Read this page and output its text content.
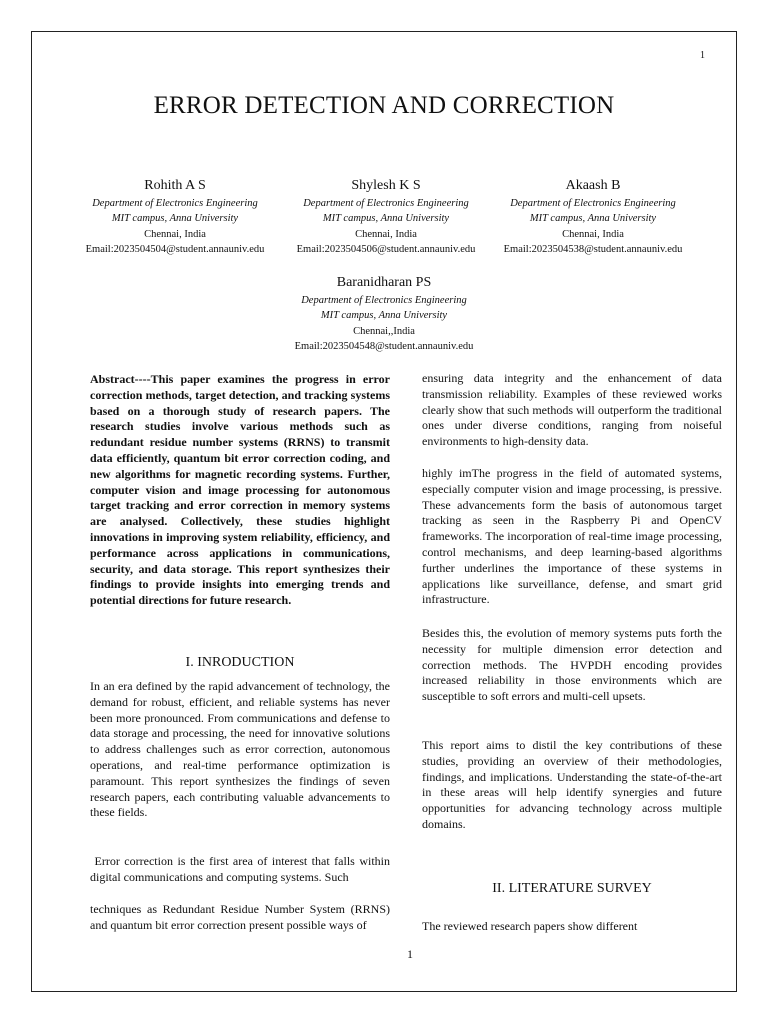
1
ERROR DETECTION AND CORRECTION
Rohith A S
Department of Electronics Engineering
MIT campus, Anna University
Chennai, India
Email:2023504504@student.annauniv.edu
Shylesh K S
Department of Electronics Engineering
MIT campus, Anna University
Chennai, India
Email:2023504506@student.annauniv.edu
Akaash B
Department of Electronics Engineering
MIT campus, Anna University
Chennai, India
Email:2023504538@student.annauniv.edu
Baranidharan PS
Department of Electronics Engineering
MIT campus, Anna University
Chennai,,India
Email:2023504548@student.annauniv.edu

Abstract----This paper examines the progress in error correction methods, target detection, and tracking systems based on a thorough study of research papers. The research studies involve various methods such as redundant residue number systems (RRNS) to transmit data efficiently, quantum bit error correction coding, and new algorithms for magnetic recording systems. Further, computer vision and image processing for autonomous target tracking and error correction in memory systems are analysed. Collectively, these studies highlight innovations in improving system reliability, efficiency, and performance across applications in communications, security, and data storage. This report synthesizes their findings to provide insights into emerging trends and potential directions for future research.

I. INRODUCTION

In an era defined by the rapid advancement of technology, the demand for robust, efficient, and reliable systems has never been more pronounced. From communications and defense to data storage and processing, the need for innovative solutions to address challenges such as error correction, autonomous operations, and real-time performance optimization is paramount. This report synthesizes the findings of seven research papers, each contributing valuable advancements to these fields.

Error correction is the first area of interest that falls within digital communications and computing systems. Such

techniques as Redundant Residue Number System (RRNS) and quantum bit error correction present possible ways of

ensuring data integrity and the enhancement of data transmission reliability. Examples of these reviewed works clearly show that such methods will outperform the traditional ones under diverse conditions, ranging from noiseful environments to high-density data.

highly imThe progress in the field of automated systems, especially computer vision and image processing, is pressive. These advancements form the basis of autonomous target tracking as seen in the Raspberry Pi and OpenCV frameworks. The incorporation of real-time image processing, control mechanisms, and deep learning-based algorithms further underlines the importance of these systems in applications like surveillance, defense, and smart grid infrastructure.

Besides this, the evolution of memory systems puts forth the necessity for multiple dimension error detection and correction methods. The HVPDH encoding provides increased reliability in those environments which are susceptible to soft errors and multi-cell upsets.

This report aims to distil the key contributions of these studies, providing an overview of their methodologies, findings, and implications. Understanding the state-of-the-art in these areas will help identify synergies and future opportunities for advancing technology across multiple domains.

II. LITERATURE SURVEY

The reviewed research papers show different

1
